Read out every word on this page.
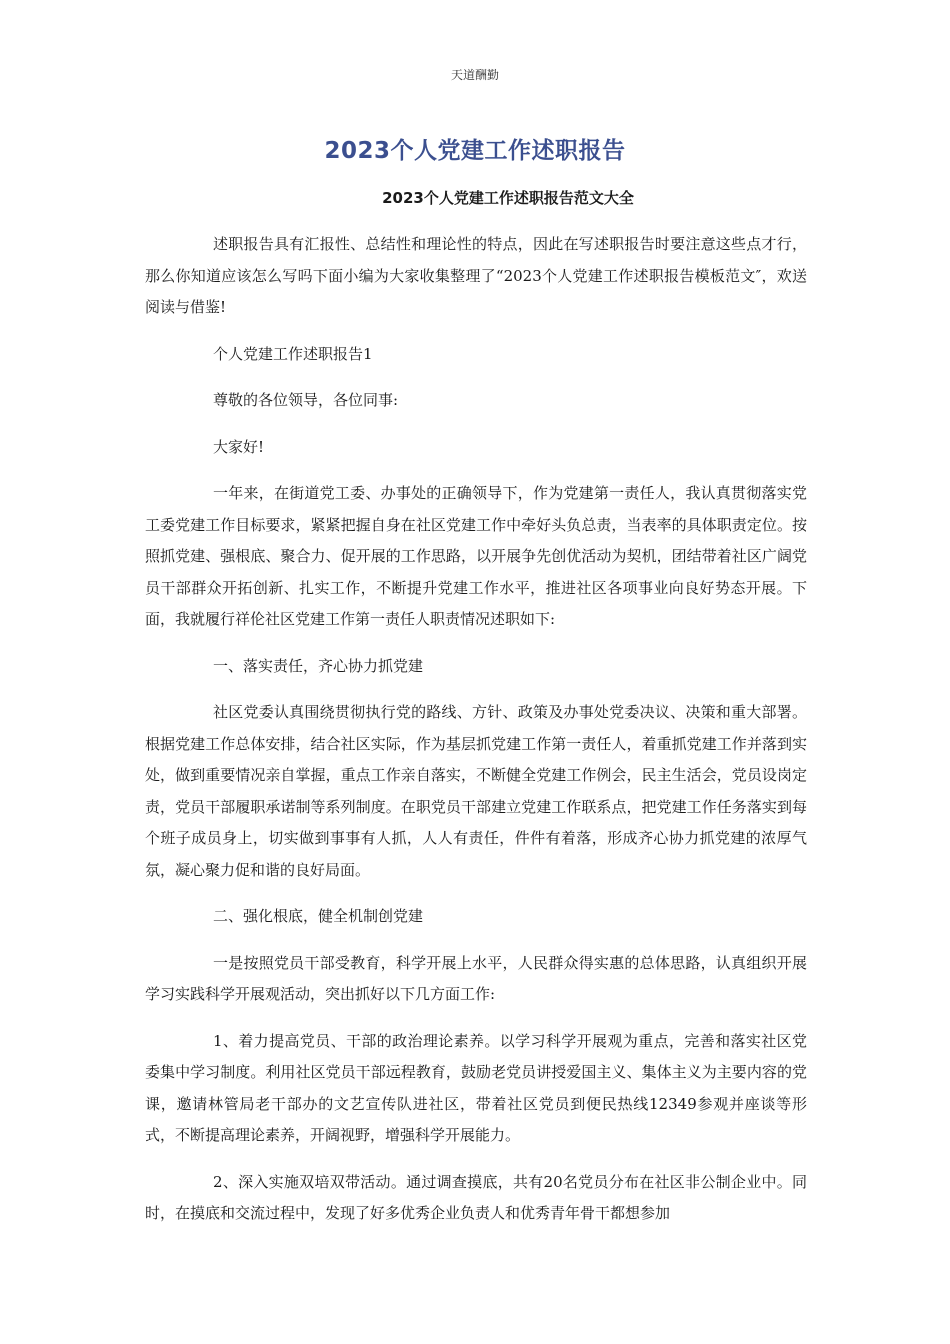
天道酬勤
2023个人党建工作述职报告
2023个人党建工作述职报告范文大全

述职报告具有汇报性、总结性和理论性的特点，因此在写述职报告时要注意这些点才行，那么你知道应该怎么写吗下面小编为大家收集整理了“2023个人党建工作述职报告模板范文″，欢送阅读与借鉴!

个人党建工作述职报告1

尊敬的各位领导，各位同事:

大家好!

一年来，在街道党工委、办事处的正确领导下，作为党建第一责任人，我认真贯彻落实党工委党建工作目标要求，紧紧把握自身在社区党建工作中牵好头负总责，当表率的具体职责定位。按照抓党建、强根底、聚合力、促开展的工作思路，以开展争先创优活动为契机，团结带着社区广阔党员干部群众开拓创新、扎实工作，不断提升党建工作水平，推进社区各项事业向良好势态开展。下面，我就履行祥伦社区党建工作第一责任人职责情况述职如下:

一、落实责任，齐心协力抓党建

社区党委认真围绕贯彻执行党的路线、方针、政策及办事处党委决议、决策和重大部署。根据党建工作总体安排，结合社区实际，作为基层抓党建工作第一责任人，着重抓党建工作并落到实处，做到重要情况亲自掌握，重点工作亲自落实，不断健全党建工作例会，民主生活会，党员设岗定责，党员干部履职承诺制等系列制度。在职党员干部建立党建工作联系点，把党建工作任务落实到每个班子成员身上，切实做到事事有人抓，人人有责任，件件有着落，形成齐心协力抓党建的浓厚气氛，凝心聚力促和谐的良好局面。

二、强化根底，健全机制创党建

一是按照党员干部受教育，科学开展上水平，人民群众得实惠的总体思路，认真组织开展学习实践科学开展观活动，突出抓好以下几方面工作:

1、着力提高党员、干部的政治理论素养。以学习科学开展观为重点，完善和落实社区党委集中学习制度。利用社区党员干部远程教育，鼓励老党员讲授爱国主义、集体主义为主要内容的党课，邀请林管局老干部办的文艺宣传队进社区，带着社区党员到便民热线12349参观并座谈等形式，不断提高理论素养，开阔视野，增强科学开展能力。

2、深入实施双培双带活动。通过调查摸底，共有20名党员分布在社区非公制企业中。同时，在摸底和交流过程中，发现了好多优秀企业负责人和优秀青年骨干都想参加
